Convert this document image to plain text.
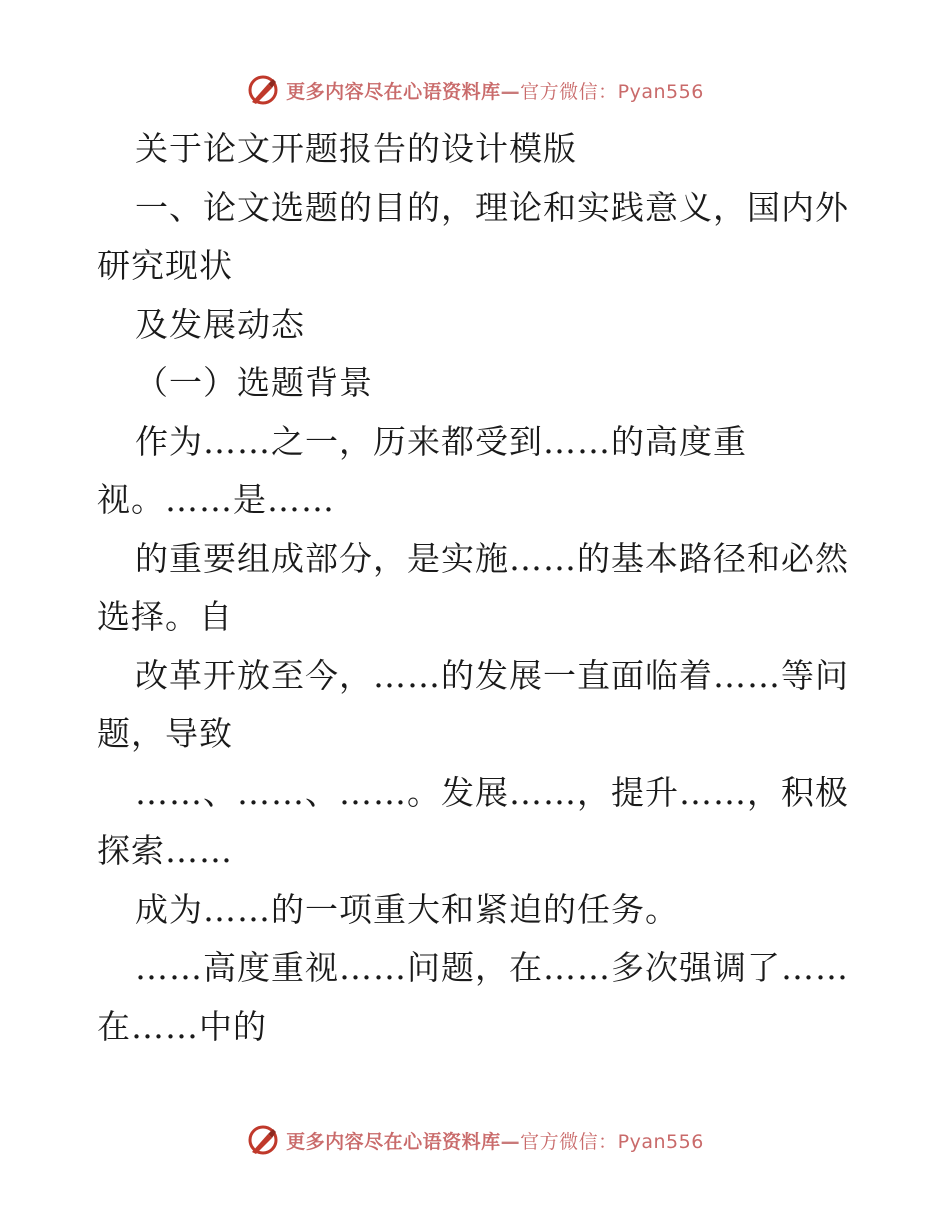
更多内容尽在心语资料库—官方微信：Pyan556
关于论文开题报告的设计模版
一、论文选题的目的，理论和实践意义，国内外
研究现状
及发展动态
（一）选题背景
作为……之一，历来都受到……的高度重
视。……是……
的重要组成部分，是实施……的基本路径和必然
选择。自
改革开放至今，……的发展一直面临着……等问
题，导致
……、……、……。发展……，提升……，积极
探索……
成为……的一项重大和紧迫的任务。
……高度重视……问题，在……多次强调了……
在……中的
更多内容尽在心语资料库—官方微信：Pyan556
